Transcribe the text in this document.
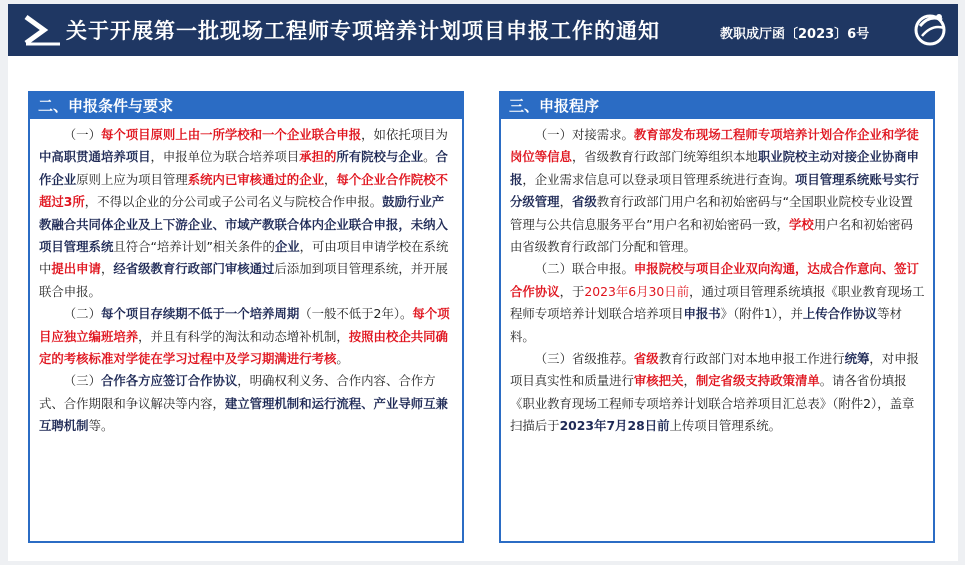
关于开展第一批现场工程师专项培养计划项目申报工作的通知	教职成厅函〔2023〕6号
二、申报条件与要求

（一）每个项目原则上由一所学校和一个企业联合申报，如依托项目为中高职贯通培养项目，申报单位为联合培养项目承担的所有院校与企业。合作企业原则上应为项目管理系统内已审核通过的企业，每个企业合作院校不超过3所，不得以企业的分公司或子公司名义与院校合作申报。鼓励行业产教融合共同体企业及上下游企业、市域产教联合体内企业联合申报，未纳入项目管理系统且符合“培养计划”相关条件的企业，可由项目申请学校在系统中提出申请，经省级教育行政部门审核通过后添加到项目管理系统，并开展联合申报。

（二）每个项目存续期不低于一个培养周期（一般不低于2年）。每个项目应独立编班培养，并且有科学的淘汰和动态增补机制，按照由校企共同确定的考核标准对学徒在学习过程中及学习期满进行考核。

（三）合作各方应签订合作协议，明确权利义务、合作内容、合作方式、合作期限和争议解决等内容，建立管理机制和运行流程、产业导师互兼互聘机制等。

三、申报程序

（一）对接需求。教育部发布现场工程师专项培养计划合作企业和学徒岗位等信息，省级教育行政部门统筹组织本地职业院校主动对接企业协商申报，企业需求信息可以登录项目管理系统进行查询。项目管理系统账号实行分级管理，省级教育行政部门用户名和初始密码与“全国职业院校专业设置管理与公共信息服务平台”用户名和初始密码一致，学校用户名和初始密码由省级教育行政部门分配和管理。

（二）联合申报。申报院校与项目企业双向沟通，达成合作意向、签订合作协议，于2023年6月30日前，通过项目管理系统填报《职业教育现场工程师专项培养计划联合培养项目申报书》（附件1），并上传合作协议等材料。

（三）省级推荐。省级教育行政部门对本地申报工作进行统筹，对申报项目真实性和质量进行审核把关，制定省级支持政策清单。请各省份填报《职业教育现场工程师专项培养计划联合培养项目汇总表》（附件2），盖章扫描后于2023年7月28日前上传项目管理系统。
